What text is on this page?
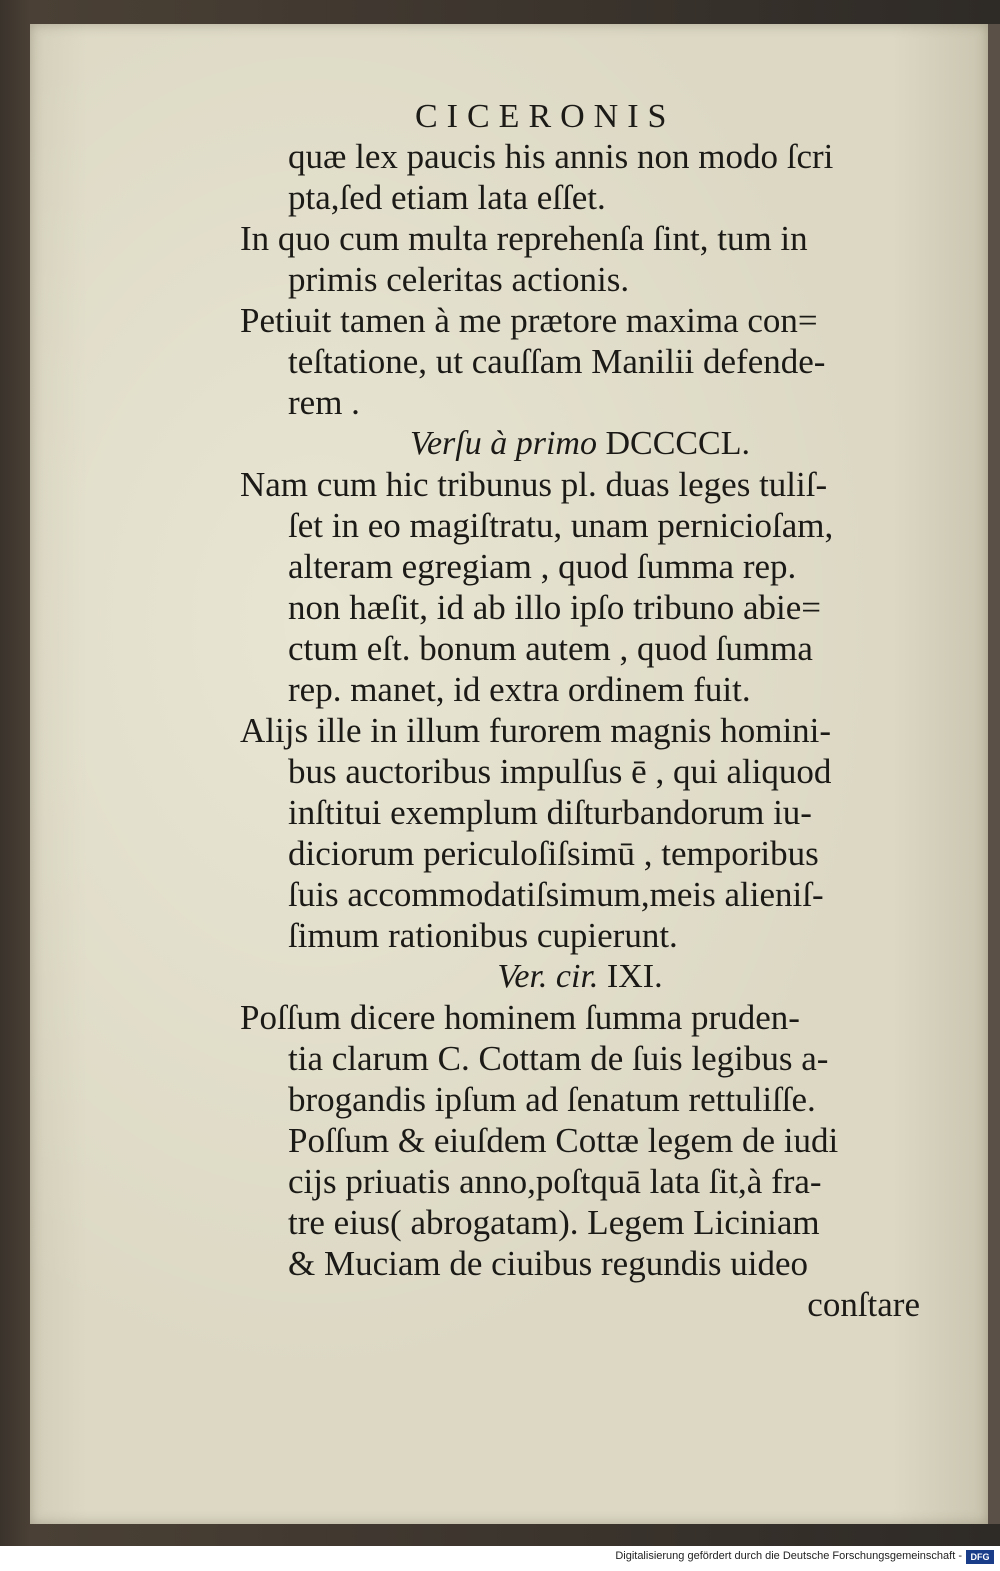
CICERONIS
quæ lex paucis his annis non modo ſcri
pta,ſed etiam lata eſſet.
In quo cum multa reprehenſa ſint, tum in
primis celeritas actionis.
Petiuit tamen à me prætore maxima con=
teſtatione, ut cauſſam Manilii defende-
rem .
Verſu à primo DCCCCL.
Nam cum hic tribunus pl. duas leges tuliſ-
ſet in eo magiſtratu, unam pernicioſam,
alteram egregiam , quod ſumma rep.
non hæſit, id ab illo ipſo tribuno abie=
ctum eſt. bonum autem , quod ſumma
rep. manet, id extra ordinem fuit.
Alijs ille in illum furorem magnis homini-
bus auctoribus impulſus ē , qui aliquod
inſtitui exemplum diſturbandorum iu-
diciorum periculoſiſsimū , temporibus
ſuis accommodatiſsimum,meis alieniſ-
ſimum rationibus cupierunt.
Ver. cir. IXI.
Poſſum dicere hominem ſumma pruden-
tia clarum C. Cottam de ſuis legibus a-
brogandis ipſum ad ſenatum rettuliſſe.
Poſſum & eiuſdem Cottæ legem de iudi
cijs priuatis anno,poſtquā lata ſit,à fra-
tre eius( abrogatam). Legem Liciniam
& Muciam de ciuibus regundis uideo
conſtare
Digitalisierung gefördert durch die Deutsche Forschungsgemeinschaft - DFG
